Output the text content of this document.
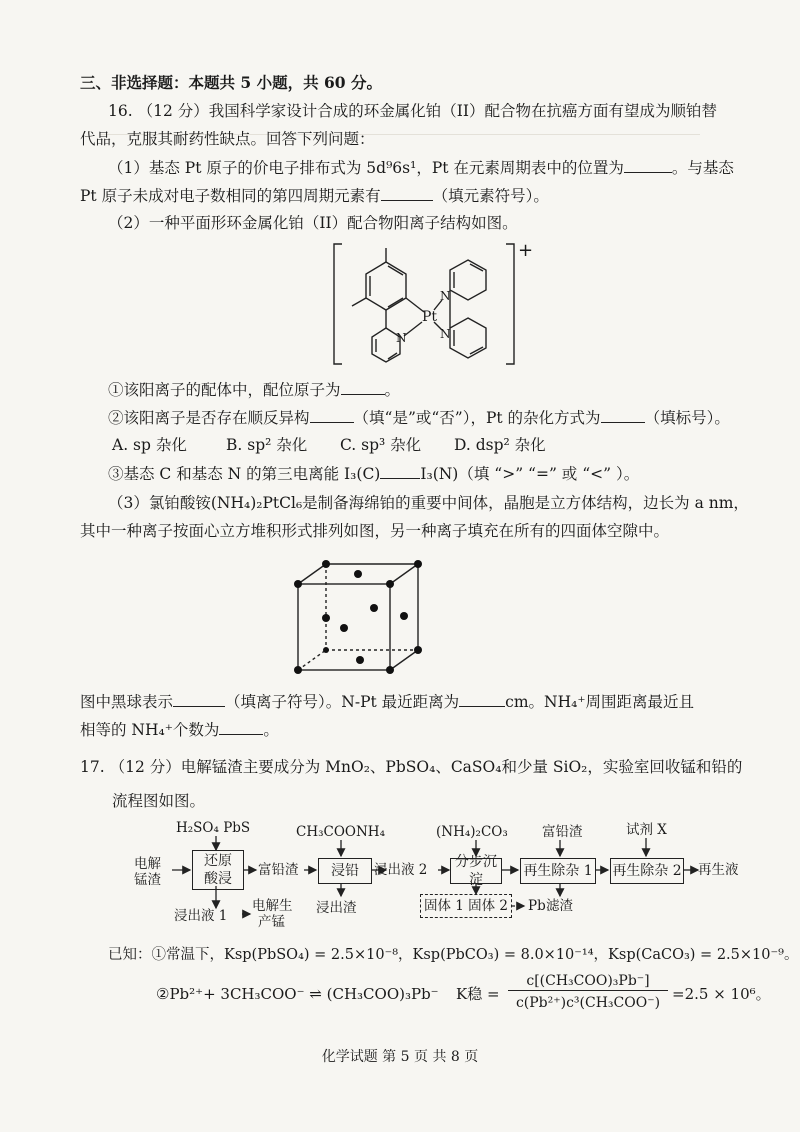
三、非选择题：本题共 5 小题，共 60 分。
16. （12 分）我国科学家设计合成的环金属化铂（II）配合物在抗癌方面有望成为顺铂替
代品，克服其耐药性缺点。回答下列问题：
（1）基态 Pt 原子的价电子排布式为 5d⁹6s¹，Pt 在元素周期表中的位置为	。与基态
Pt 原子未成对电子数相同的第四周期元素有	（填元素符号）。
（2）一种平面形环金属化铂（II）配合物阳离子结构如图。
Pt
N
N
N
+
①该阳离子的配体中，配位原子为	。
②该阳离子是否存在顺反异构	（填“是”或“否”），Pt 的杂化方式为	（填标号）。
A. sp 杂化	B. sp² 杂化 C. sp³ 杂化 D. dsp² 杂化
③基态 C 和基态 N 的第三电离能 I₃(C)	I₃(N)（填 “>” “=” 或 “<” ）。
（3）氯铂酸铵(NH₄)₂PtCl₆是制备海绵铂的重要中间体，晶胞是立方体结构，边长为 a nm，
其中一种离子按面心立方堆积形式排列如图，另一种离子填充在所有的四面体空隙中。
图中黑球表示	（填离子符号）。N-Pt 最近距离为	cm。NH₄⁺周围距离最近且
相等的 NH₄⁺个数为	。
17. （12 分）电解锰渣主要成分为 MnO₂、PbSO₄、CaSO₄和少量 SiO₂，实验室回收锰和铅的
流程图如图。
电解
锰渣
H₂SO₄ PbS
还原
酸浸
富铅渣
CH₃COONH₄
浸铅	浸出液 2
(NH₄)₂CO₃
分步沉淀
富铅渣
再生除杂 1
试剂 X
再生除杂 2 再生液
浸出液 1
电解生
产锰
浸出渣	固体 1 固体 2 Pb 滤渣
已知：①常温下，Ksp(PbSO₄) = 2.5×10⁻⁸，Ksp(PbCO₃) = 8.0×10⁻¹⁴，Ksp(CaCO₃) = 2.5×10⁻⁹。
②Pb²⁺+ 3CH₃COO⁻ ⇌ (CH₃COO)₃Pb⁻ K稳 =
c[(CH₃COO)₃Pb⁻]
c(Pb²⁺)c³(CH₃COO⁻) =2.5 × 10⁶。
化学试题 第 5 页 共 8 页
